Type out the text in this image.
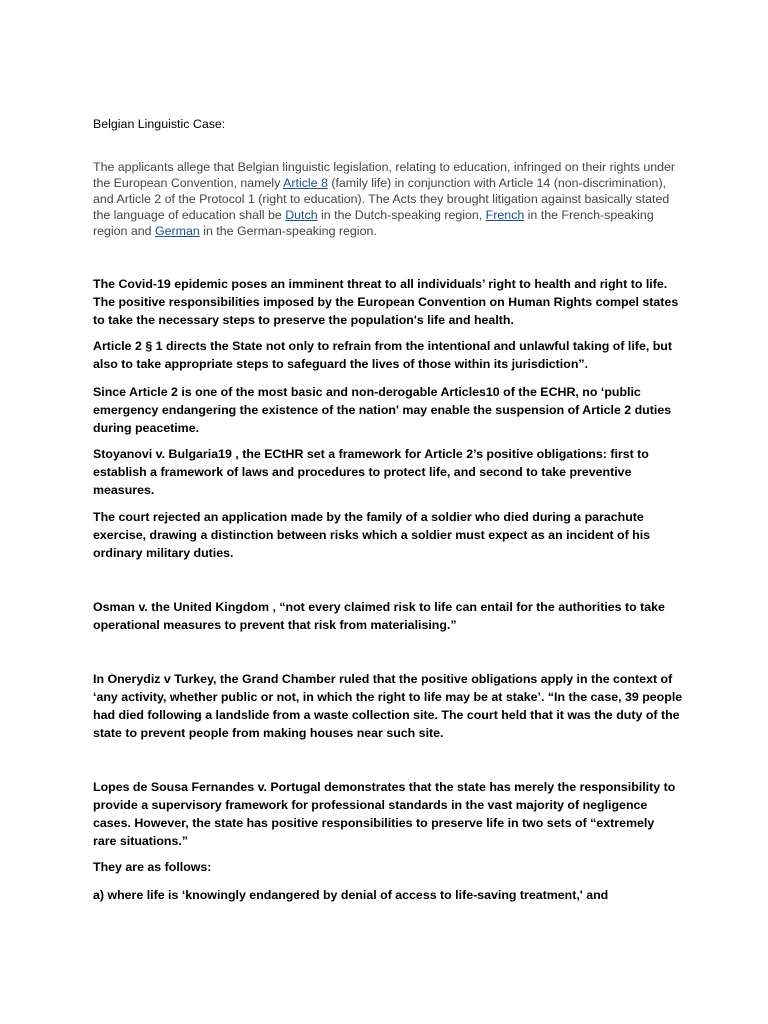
Belgian Linguistic Case:

The applicants allege that Belgian linguistic legislation, relating to education, infringed on their rights under the European Convention, namely Article 8 (family life) in conjunction with Article 14 (non-discrimination), and Article 2 of the Protocol 1 (right to education). The Acts they brought litigation against basically stated the language of education shall be Dutch in the Dutch-speaking region, French in the French-speaking region and German in the German-speaking region.

The Covid-19 epidemic poses an imminent threat to all individuals’ right to health and right to life. The positive responsibilities imposed by the European Convention on Human Rights compel states to take the necessary steps to preserve the population's life and health.

Article 2 § 1 directs the State not only to refrain from the intentional and unlawful taking of life, but also to take appropriate steps to safeguard the lives of those within its jurisdiction”.

Since Article 2 is one of the most basic and non-derogable Articles10 of the ECHR, no ‘public emergency endangering the existence of the nation' may enable the suspension of Article 2 duties during peacetime.

Stoyanovi v. Bulgaria19 , the ECtHR set a framework for Article 2’s positive obligations: first to establish a framework of laws and procedures to protect life, and second to take preventive measures.

The court rejected an application made by the family of a soldier who died during a parachute exercise, drawing a distinction between risks which a soldier must expect as an incident of his ordinary military duties.

Osman v. the United Kingdom , “not every claimed risk to life can entail for the authorities to take operational measures to prevent that risk from materialising.”

In Onerydiz v Turkey, the Grand Chamber ruled that the positive obligations apply in the context of ‘any activity, whether public or not, in which the right to life may be at stake’. “In the case, 39 people had died following a landslide from a waste collection site. The court held that it was the duty of the state to prevent people from making houses near such site.

Lopes de Sousa Fernandes v. Portugal demonstrates that the state has merely the responsibility to provide a supervisory framework for professional standards in the vast majority of negligence cases. However, the state has positive responsibilities to preserve life in two sets of “extremely rare situations.”

They are as follows:

a) where life is ‘knowingly endangered by denial of access to life-saving treatment,' and
